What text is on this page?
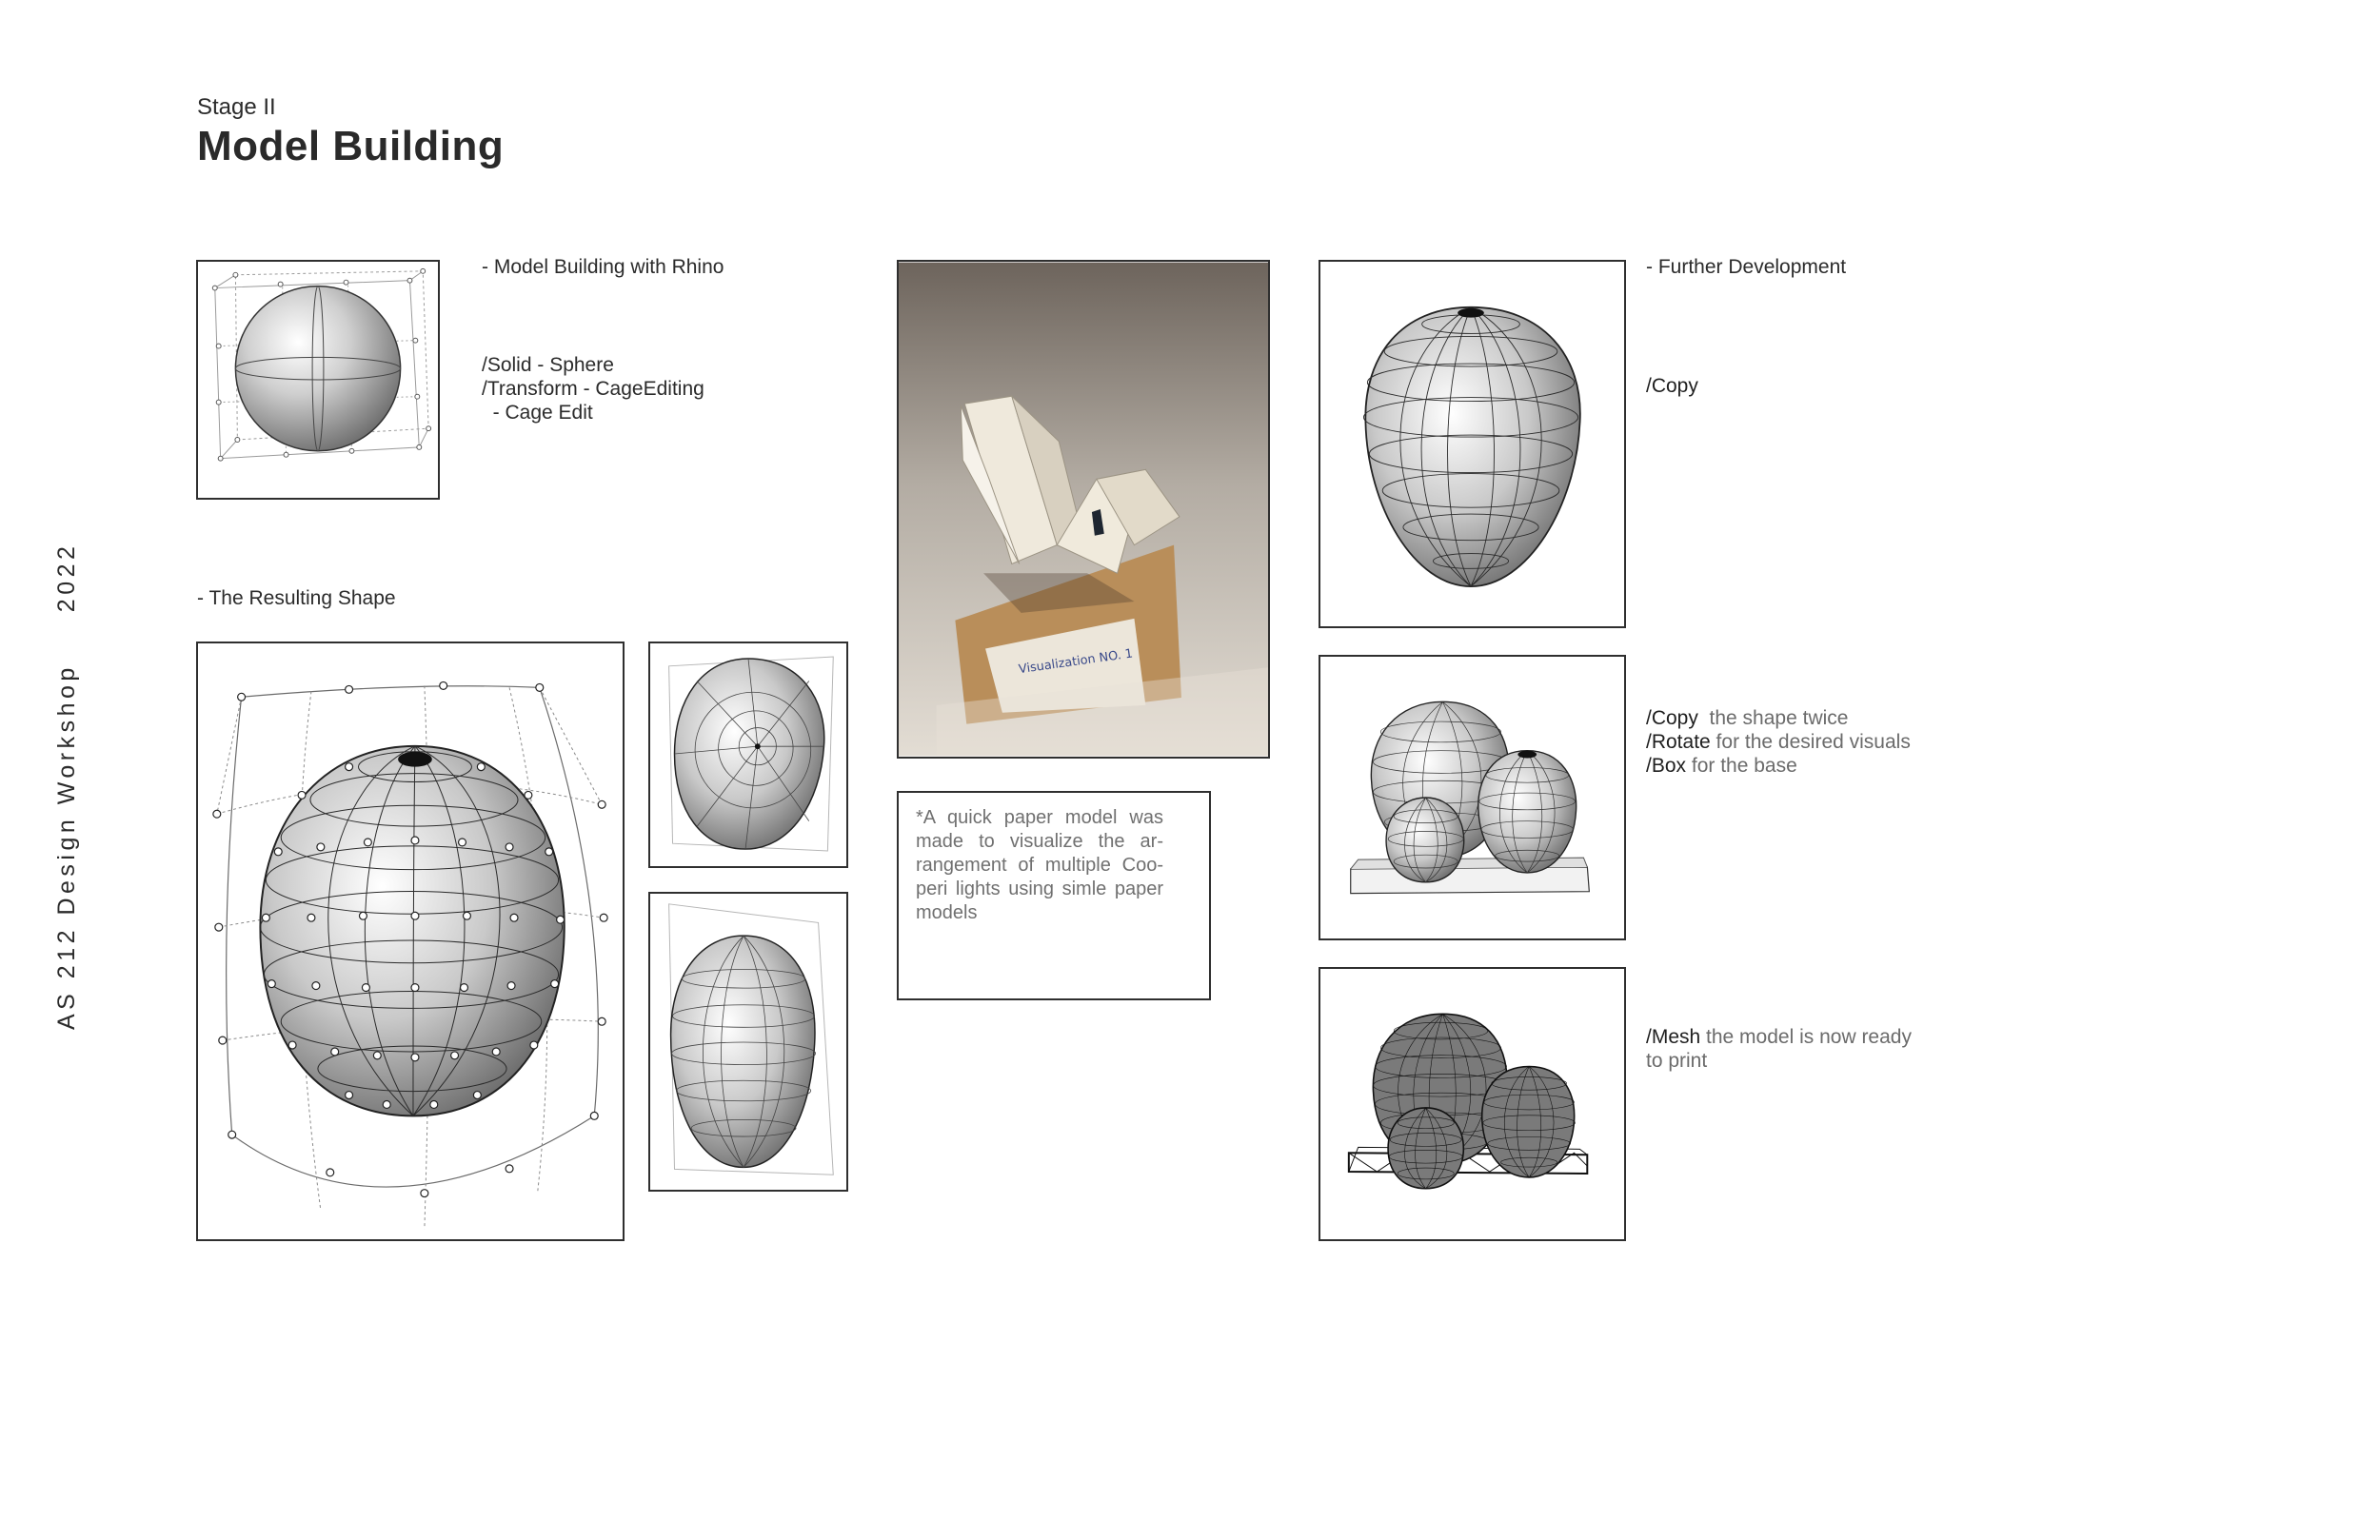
Stage II
Model Building
AS 212 Design Workshop2022
- Model Building with Rhino
/Solid - Sphere
/Transform - CageEditing
- Cage Edit
- The Resulting Shape
Visualization NO. 1
*A quick paper model was made to visualize the ar-rangement of multiple Coo-peri lights using simle paper models
- Further Development
/Copy
/Copy  the shape twice
/Rotate for the desired visuals
/Box for the base
/Mesh the model is now ready
to print
